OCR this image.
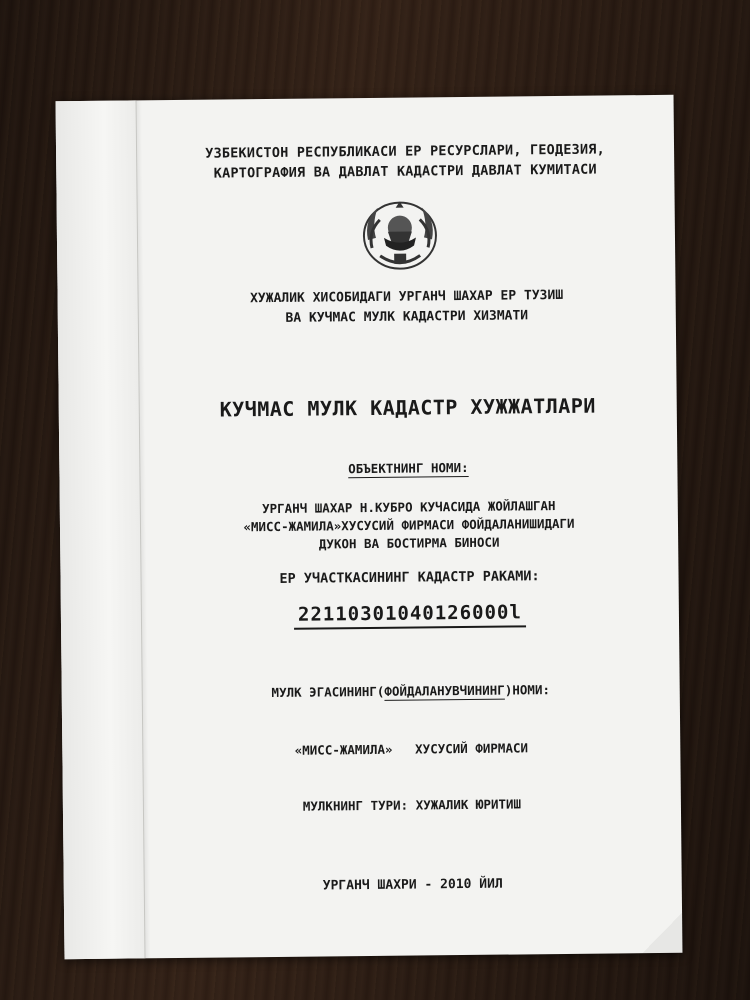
УЗБЕКИСТОН РЕСПУБЛИКАСИ ЕР РЕСУРСЛАРИ, ГЕОДЕЗИЯ,
КАРТОГРАФИЯ ВА ДАВЛАТ КАДАСТРИ ДАВЛАТ КУМИТАСИ
ХУЖАЛИК ХИСОБИДАГИ УРГАНЧ ШАХАР ЕР ТУЗИШ
ВА КУЧМАС МУЛК КАДАСТРИ ХИЗМАТИ
КУЧМАС МУЛК КАДАСТР ХУЖЖАТЛАРИ
ОБЪЕКТНИНГ НОМИ:
УРГАНЧ ШАХАР Н.КУБРО КУЧАСИДА ЖОЙЛАШГАН
«МИСС-ЖАМИЛА»ХУСУСИЙ ФИРМАСИ ФОЙДАЛАНИШИДАГИ
ДУКОН ВА БОСТИРМА БИНОСИ
ЕР УЧАСТКАСИНИНГ КАДАСТР РАКАМИ:
22110301040126000l
МУЛК ЭГАСИНИНГ(ФОЙДАЛАНУВЧИНИНГ)НОМИ:
«МИСС-ЖАМИЛА» ХУСУСИЙ ФИРМАСИ
МУЛКНИНГ ТУРИ: ХУЖАЛИК ЮРИТИШ
УРГАНЧ ШАХРИ - 2010 ЙИЛ
